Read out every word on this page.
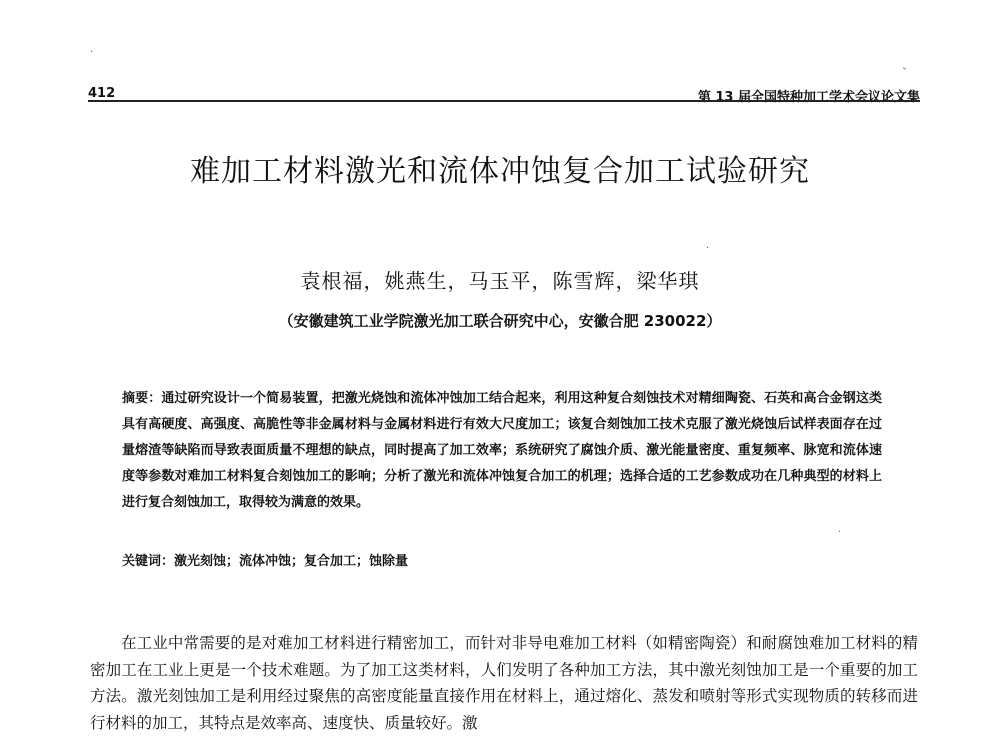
.
ˇ
.
.
412	第 13 届全国特种加工学术会议论文集
难加工材料激光和流体冲蚀复合加工试验研究
袁根福，姚燕生，马玉平，陈雪辉，梁华琪
（安徽建筑工业学院激光加工联合研究中心，安徽合肥 230022）
摘要：通过研究设计一个简易装置，把激光烧蚀和流体冲蚀加工结合起来，利用这种复合刻蚀技术对精细陶瓷、石英和高合金钢这类具有高硬度、高强度、高脆性等非金属材料与金属材料进行有效大尺度加工；该复合刻蚀加工技术克服了激光烧蚀后试样表面存在过量熔渣等缺陷而导致表面质量不理想的缺点，同时提高了加工效率；系统研究了腐蚀介质、激光能量密度、重复频率、脉宽和流体速度等参数对难加工材料复合刻蚀加工的影响；分析了激光和流体冲蚀复合加工的机理；选择合适的工艺参数成功在几种典型的材料上进行复合刻蚀加工，取得较为满意的效果。
关键词：激光刻蚀；流体冲蚀；复合加工；蚀除量
在工业中常需要的是对难加工材料进行精密加工，而针对非导电难加工材料（如精密陶瓷）和耐腐蚀难加工材料的精密加工在工业上更是一个技术难题。为了加工这类材料，人们发明了各种加工方法，其中激光刻蚀加工是一个重要的加工方法。激光刻蚀加工是利用经过聚焦的高密度能量直接作用在材料上，通过熔化、蒸发和喷射等形式实现物质的转移而进行材料的加工，其特点是效率高、速度快、质量较好。激
